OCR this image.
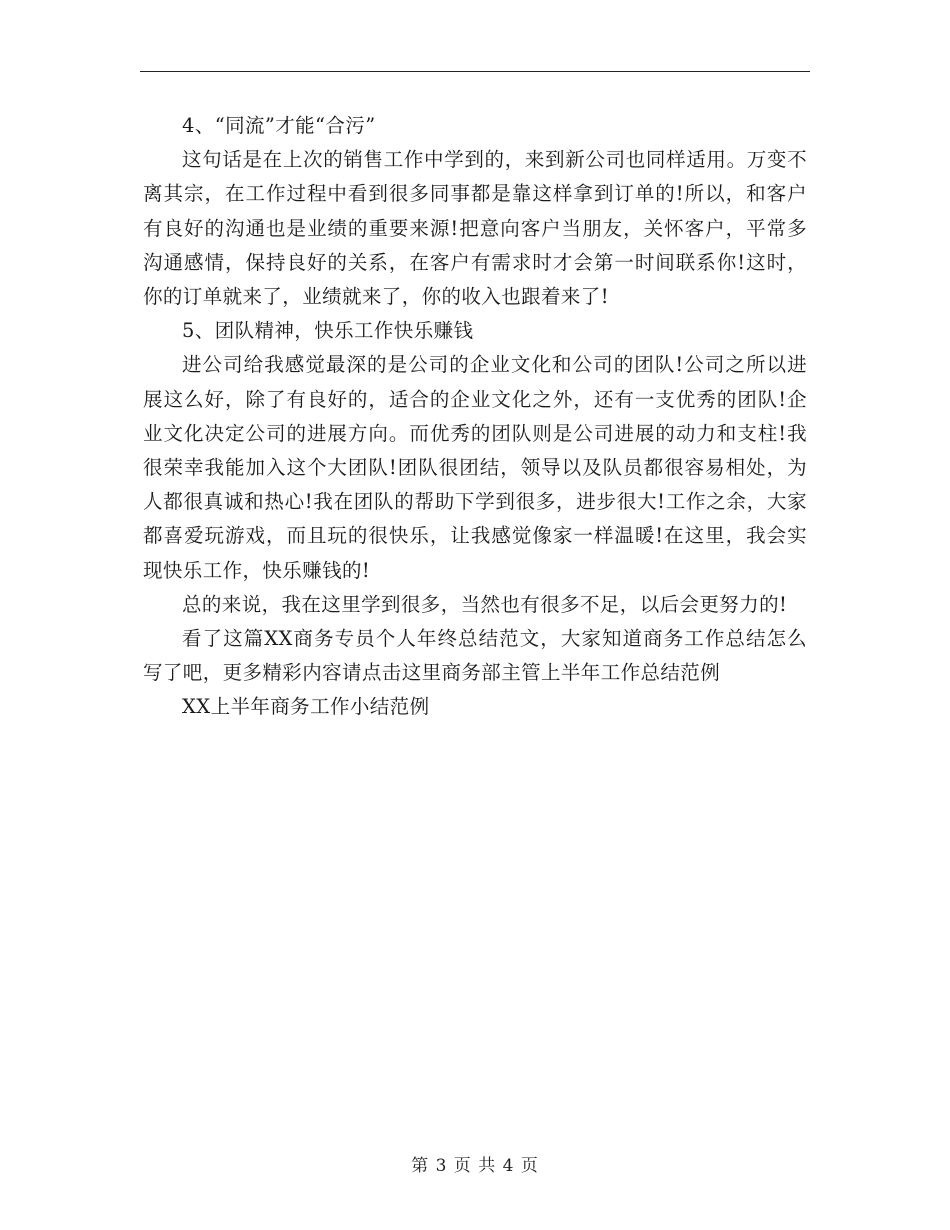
4、“同流”才能“合污”

这句话是在上次的销售工作中学到的，来到新公司也同样适用。万变不离其宗，在工作过程中看到很多同事都是靠这样拿到订单的!所以，和客户有良好的沟通也是业绩的重要来源!把意向客户当朋友，关怀客户，平常多沟通感情，保持良好的关系，在客户有需求时才会第一时间联系你!这时，你的订单就来了，业绩就来了，你的收入也跟着来了!

5、团队精神，快乐工作快乐赚钱

进公司给我感觉最深的是公司的企业文化和公司的团队!公司之所以进展这么好，除了有良好的，适合的企业文化之外，还有一支优秀的团队!企业文化决定公司的进展方向。而优秀的团队则是公司进展的动力和支柱!我很荣幸我能加入这个大团队!团队很团结，领导以及队员都很容易相处，为人都很真诚和热心!我在团队的帮助下学到很多，进步很大!工作之余，大家都喜爱玩游戏，而且玩的很快乐，让我感觉像家一样温暖!在这里，我会实现快乐工作，快乐赚钱的!

总的来说，我在这里学到很多，当然也有很多不足，以后会更努力的!

看了这篇XX商务专员个人年终总结范文，大家知道商务工作总结怎么写了吧，更多精彩内容请点击这里商务部主管上半年工作总结范例

XX上半年商务工作小结范例

第 3 页 共 4 页
